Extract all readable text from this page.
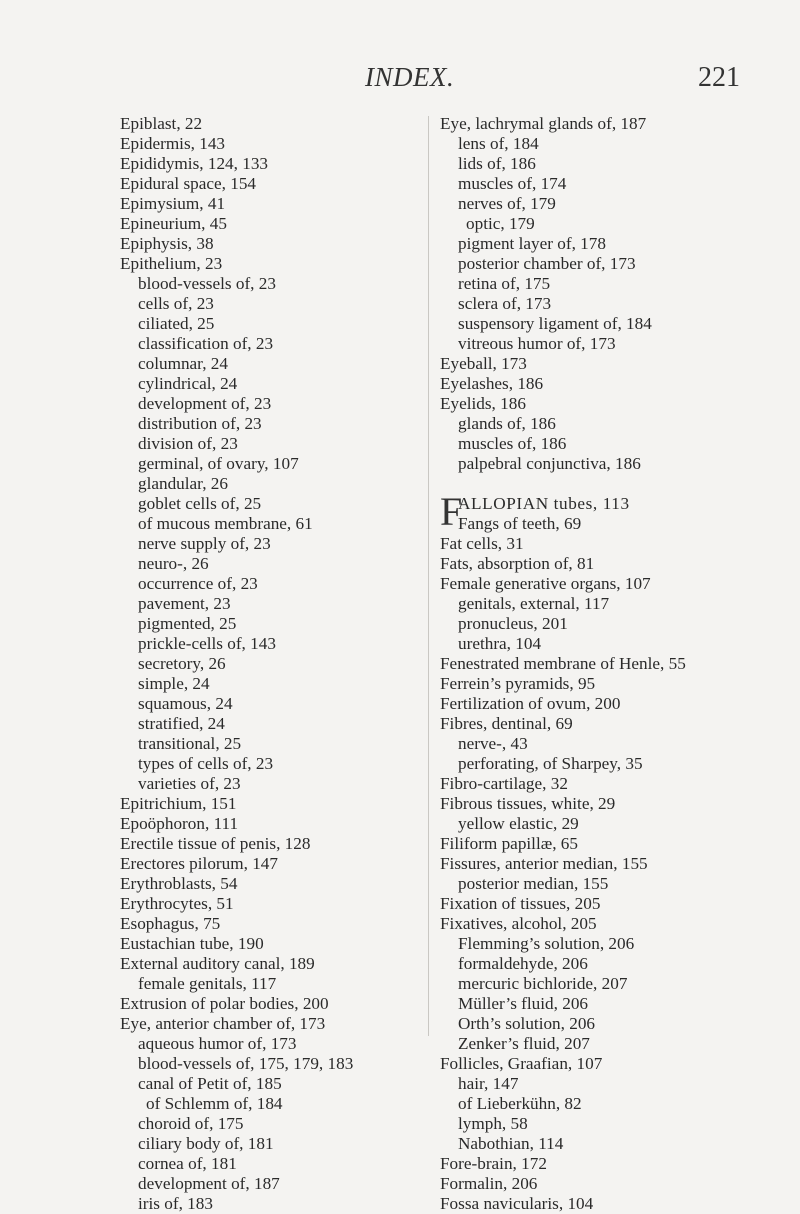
INDEX.	221
Epiblast, 22
Epidermis, 143
Epididymis, 124, 133
Epidural space, 154
Epimysium, 41
Epineurium, 45
Epiphysis, 38
Epithelium, 23
blood-vessels of, 23
cells of, 23
ciliated, 25
classification of, 23
columnar, 24
cylindrical, 24
development of, 23
distribution of, 23
division of, 23
germinal, of ovary, 107
glandular, 26
goblet cells of, 25
of mucous membrane, 61
nerve supply of, 23
neuro-, 26
occurrence of, 23
pavement, 23
pigmented, 25
prickle-cells of, 143
secretory, 26
simple, 24
squamous, 24
stratified, 24
transitional, 25
types of cells of, 23
varieties of, 23
Epitrichium, 151
Epoöphoron, 111
Erectile tissue of penis, 128
Erectores pilorum, 147
Erythroblasts, 54
Erythrocytes, 51
Esophagus, 75
Eustachian tube, 190
External auditory canal, 189
female genitals, 117
Extrusion of polar bodies, 200
Eye, anterior chamber of, 173
aqueous humor of, 173
blood-vessels of, 175, 179, 183
canal of Petit of, 185
of Schlemm of, 184
choroid of, 175
ciliary body of, 181
cornea of, 181
development of, 187
iris of, 183
Eye, lachrymal glands of, 187
lens of, 184
lids of, 186
muscles of, 174
nerves of, 179
optic, 179
pigment layer of, 178
posterior chamber of, 173
retina of, 175
sclera of, 173
suspensory ligament of, 184
vitreous humor of, 173
Eyeball, 173
Eyelashes, 186
Eyelids, 186
glands of, 186
muscles of, 186
palpebral conjunctiva, 186
F
ALLOPIAN tubes, 113
Fangs of teeth, 69
Fat cells, 31
Fats, absorption of, 81
Female generative organs, 107
genitals, external, 117
pronucleus, 201
urethra, 104
Fenestrated membrane of Henle, 55
Ferrein’s pyramids, 95
Fertilization of ovum, 200
Fibres, dentinal, 69
nerve-, 43
perforating, of Sharpey, 35
Fibro-cartilage, 32
Fibrous tissues, white, 29
yellow elastic, 29
Filiform papillæ, 65
Fissures, anterior median, 155
posterior median, 155
Fixation of tissues, 205
Fixatives, alcohol, 205
Flemming’s solution, 206
formaldehyde, 206
mercuric bichloride, 207
Müller’s fluid, 206
Orth’s solution, 206
Zenker’s fluid, 207
Follicles, Graafian, 107
hair, 147
of Lieberkühn, 82
lymph, 58
Nabothian, 114
Fore-brain, 172
Formalin, 206
Fossa navicularis, 104
